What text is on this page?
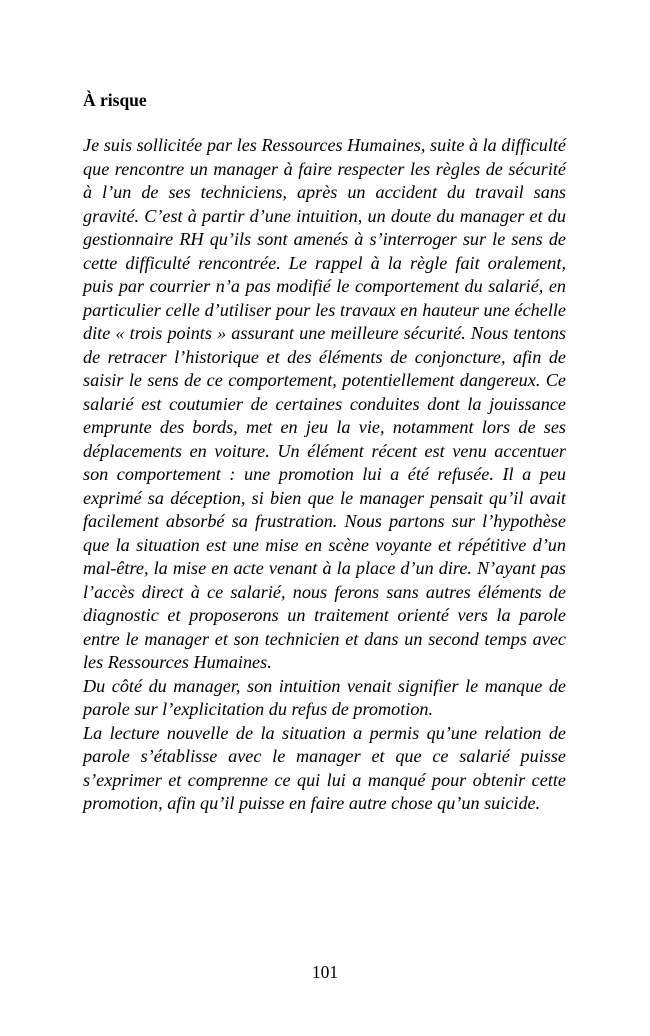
À risque

Je suis sollicitée par les Ressources Humaines, suite à la difficulté que rencontre un manager à faire respecter les règles de sécurité à l’un de ses techniciens, après un accident du travail sans gravité. C’est à partir d’une intuition, un doute du manager et du gestionnaire RH qu’ils sont amenés à s’interroger sur le sens de cette difficulté rencontrée. Le rappel à la règle fait oralement, puis par courrier n’a pas modifié le comportement du salarié, en particulier celle d’utiliser pour les travaux en hauteur une échelle dite « trois points » assurant une meilleure sécurité. Nous tentons de retracer l’historique et des éléments de conjoncture, afin de saisir le sens de ce comportement, potentiellement dangereux. Ce salarié est coutumier de certaines conduites dont la jouissance emprunte des bords, met en jeu la vie, notamment lors de ses déplacements en voiture. Un élément récent est venu accentuer son comportement : une promotion lui a été refusée. Il a peu exprimé sa déception, si bien que le manager pensait qu’il avait facilement absorbé sa frustration. Nous partons sur l’hypothèse que la situation est une mise en scène voyante et répétitive d’un mal-être, la mise en acte venant à la place d’un dire. N’ayant pas l’accès direct à ce salarié, nous ferons sans autres éléments de diagnostic et proposerons un traitement orienté vers la parole entre le manager et son technicien et dans un second temps avec les Ressources Humaines.

Du côté du manager, son intuition venait signifier le manque de parole sur l’explicitation du refus de promotion.

La lecture nouvelle de la situation a permis qu’une relation de parole s’établisse avec le manager et que ce salarié puisse s’exprimer et comprenne ce qui lui a manqué pour obtenir cette promotion, afin qu’il puisse en faire autre chose qu’un suicide.

101
